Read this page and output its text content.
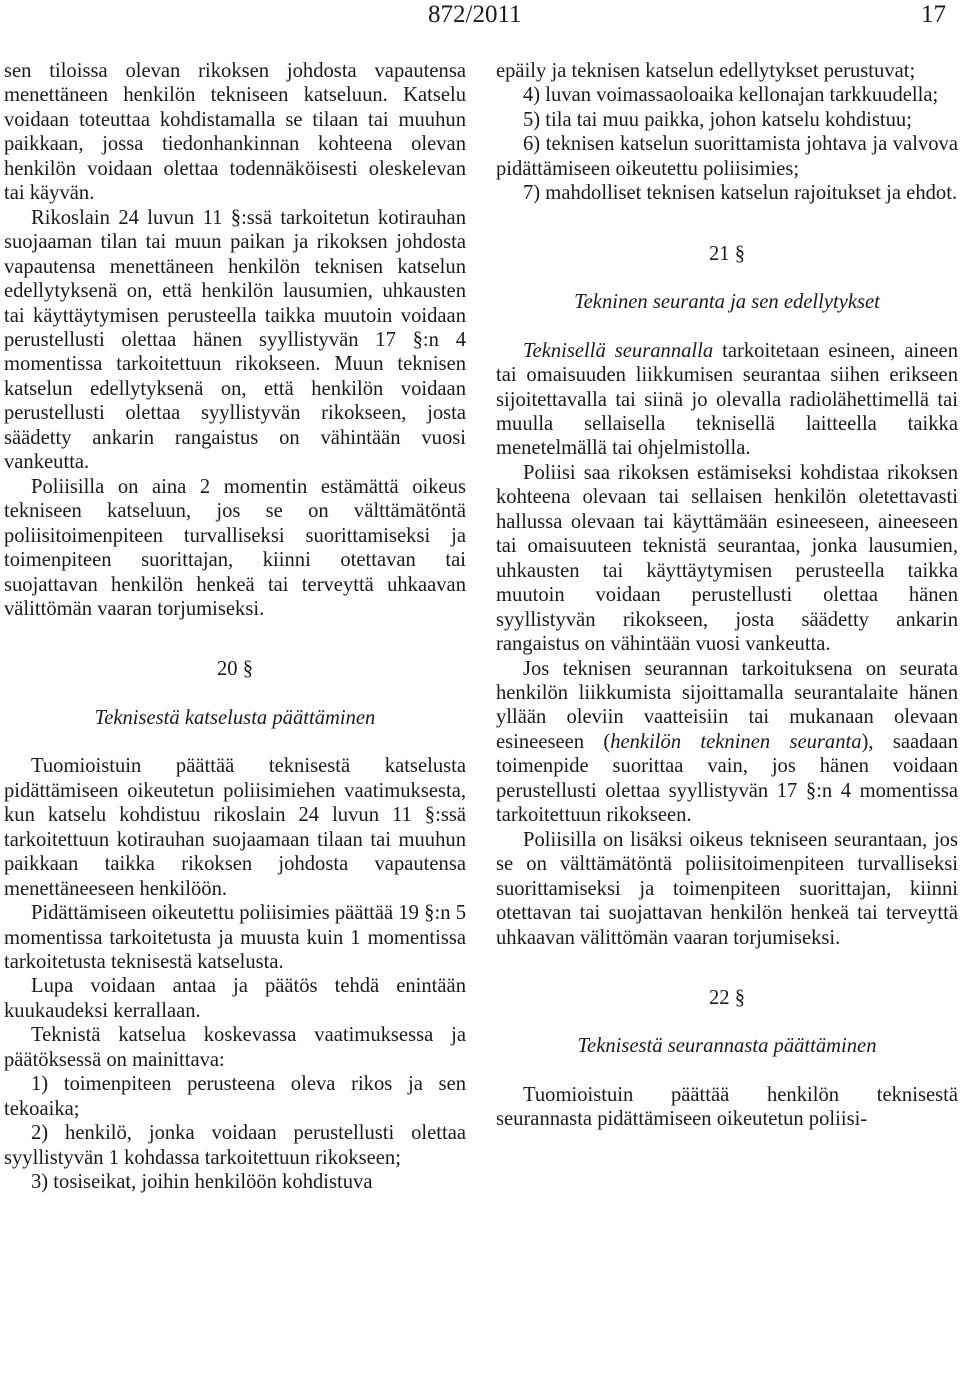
872/2011	17

sen tiloissa olevan rikoksen johdosta vapautensa menettäneen henkilön tekniseen katseluun. Katselu voidaan toteuttaa kohdistamalla se tilaan tai muuhun paikkaan, jossa tiedonhankinnan kohteena olevan henkilön voidaan olettaa todennäköisesti oleskelevan tai käyvän.

Rikoslain 24 luvun 11 §:ssä tarkoitetun kotirauhan suojaaman tilan tai muun paikan ja rikoksen johdosta vapautensa menettäneen henkilön teknisen katselun edellytyksenä on, että henkilön lausumien, uhkausten tai käyttäytymisen perusteella taikka muutoin voidaan perustellusti olettaa hänen syyllistyvän 17 §:n 4 momentissa tarkoitettuun rikokseen. Muun teknisen katselun edellytyksenä on, että henkilön voidaan perustellusti olettaa syyllistyvän rikokseen, josta säädetty ankarin rangaistus on vähintään vuosi vankeutta.

Poliisilla on aina 2 momentin estämättä oikeus tekniseen katseluun, jos se on välttämätöntä poliisitoimenpiteen turvalliseksi suorittamiseksi ja toimenpiteen suorittajan, kiinni otettavan tai suojattavan henkilön henkeä tai terveyttä uhkaavan välittömän vaaran torjumiseksi.

20 §

Teknisestä katselusta päättäminen

Tuomioistuin päättää teknisestä katselusta pidättämiseen oikeutetun poliisimiehen vaatimuksesta, kun katselu kohdistuu rikoslain 24 luvun 11 §:ssä tarkoitettuun kotirauhan suojaamaan tilaan tai muuhun paikkaan taikka rikoksen johdosta vapautensa menettäneeseen henkilöön.

Pidättämiseen oikeutettu poliisimies päättää 19 §:n 5 momentissa tarkoitetusta ja muusta kuin 1 momentissa tarkoitetusta teknisestä katselusta.

Lupa voidaan antaa ja päätös tehdä enintään kuukaudeksi kerrallaan.

Teknistä katselua koskevassa vaatimuksessa ja päätöksessä on mainittava:

1) toimenpiteen perusteena oleva rikos ja sen tekoaika;

2) henkilö, jonka voidaan perustellusti olettaa syyllistyvän 1 kohdassa tarkoitettuun rikokseen;

3) tosiseikat, joihin henkilöön kohdistuva

epäily ja teknisen katselun edellytykset perustuvat;

4) luvan voimassaoloaika kellonajan tarkkuudella;

5) tila tai muu paikka, johon katselu kohdistuu;

6) teknisen katselun suorittamista johtava ja valvova pidättämiseen oikeutettu poliisimies;

7) mahdolliset teknisen katselun rajoitukset ja ehdot.

21 §

Tekninen seuranta ja sen edellytykset

Teknisellä seurannalla tarkoitetaan esineen, aineen tai omaisuuden liikkumisen seurantaa siihen erikseen sijoitettavalla tai siinä jo olevalla radiolähettimellä tai muulla sellaisella teknisellä laitteella taikka menetelmällä tai ohjelmistolla.

Poliisi saa rikoksen estämiseksi kohdistaa rikoksen kohteena olevaan tai sellaisen henkilön oletettavasti hallussa olevaan tai käyttämään esineeseen, aineeseen tai omaisuuteen teknistä seurantaa, jonka lausumien, uhkausten tai käyttäytymisen perusteella taikka muutoin voidaan perustellusti olettaa hänen syyllistyvän rikokseen, josta säädetty ankarin rangaistus on vähintään vuosi vankeutta.

Jos teknisen seurannan tarkoituksena on seurata henkilön liikkumista sijoittamalla seurantalaite hänen yllään oleviin vaatteisiin tai mukanaan olevaan esineeseen (henkilön tekninen seuranta), saadaan toimenpide suorittaa vain, jos hänen voidaan perustellusti olettaa syyllistyvän 17 §:n 4 momentissa tarkoitettuun rikokseen.

Poliisilla on lisäksi oikeus tekniseen seurantaan, jos se on välttämätöntä poliisitoimenpiteen turvalliseksi suorittamiseksi ja toimenpiteen suorittajan, kiinni otettavan tai suojattavan henkilön henkeä tai terveyttä uhkaavan välittömän vaaran torjumiseksi.

22 §

Teknisestä seurannasta päättäminen

Tuomioistuin päättää henkilön teknisestä seurannasta pidättämiseen oikeutetun poliisi-
